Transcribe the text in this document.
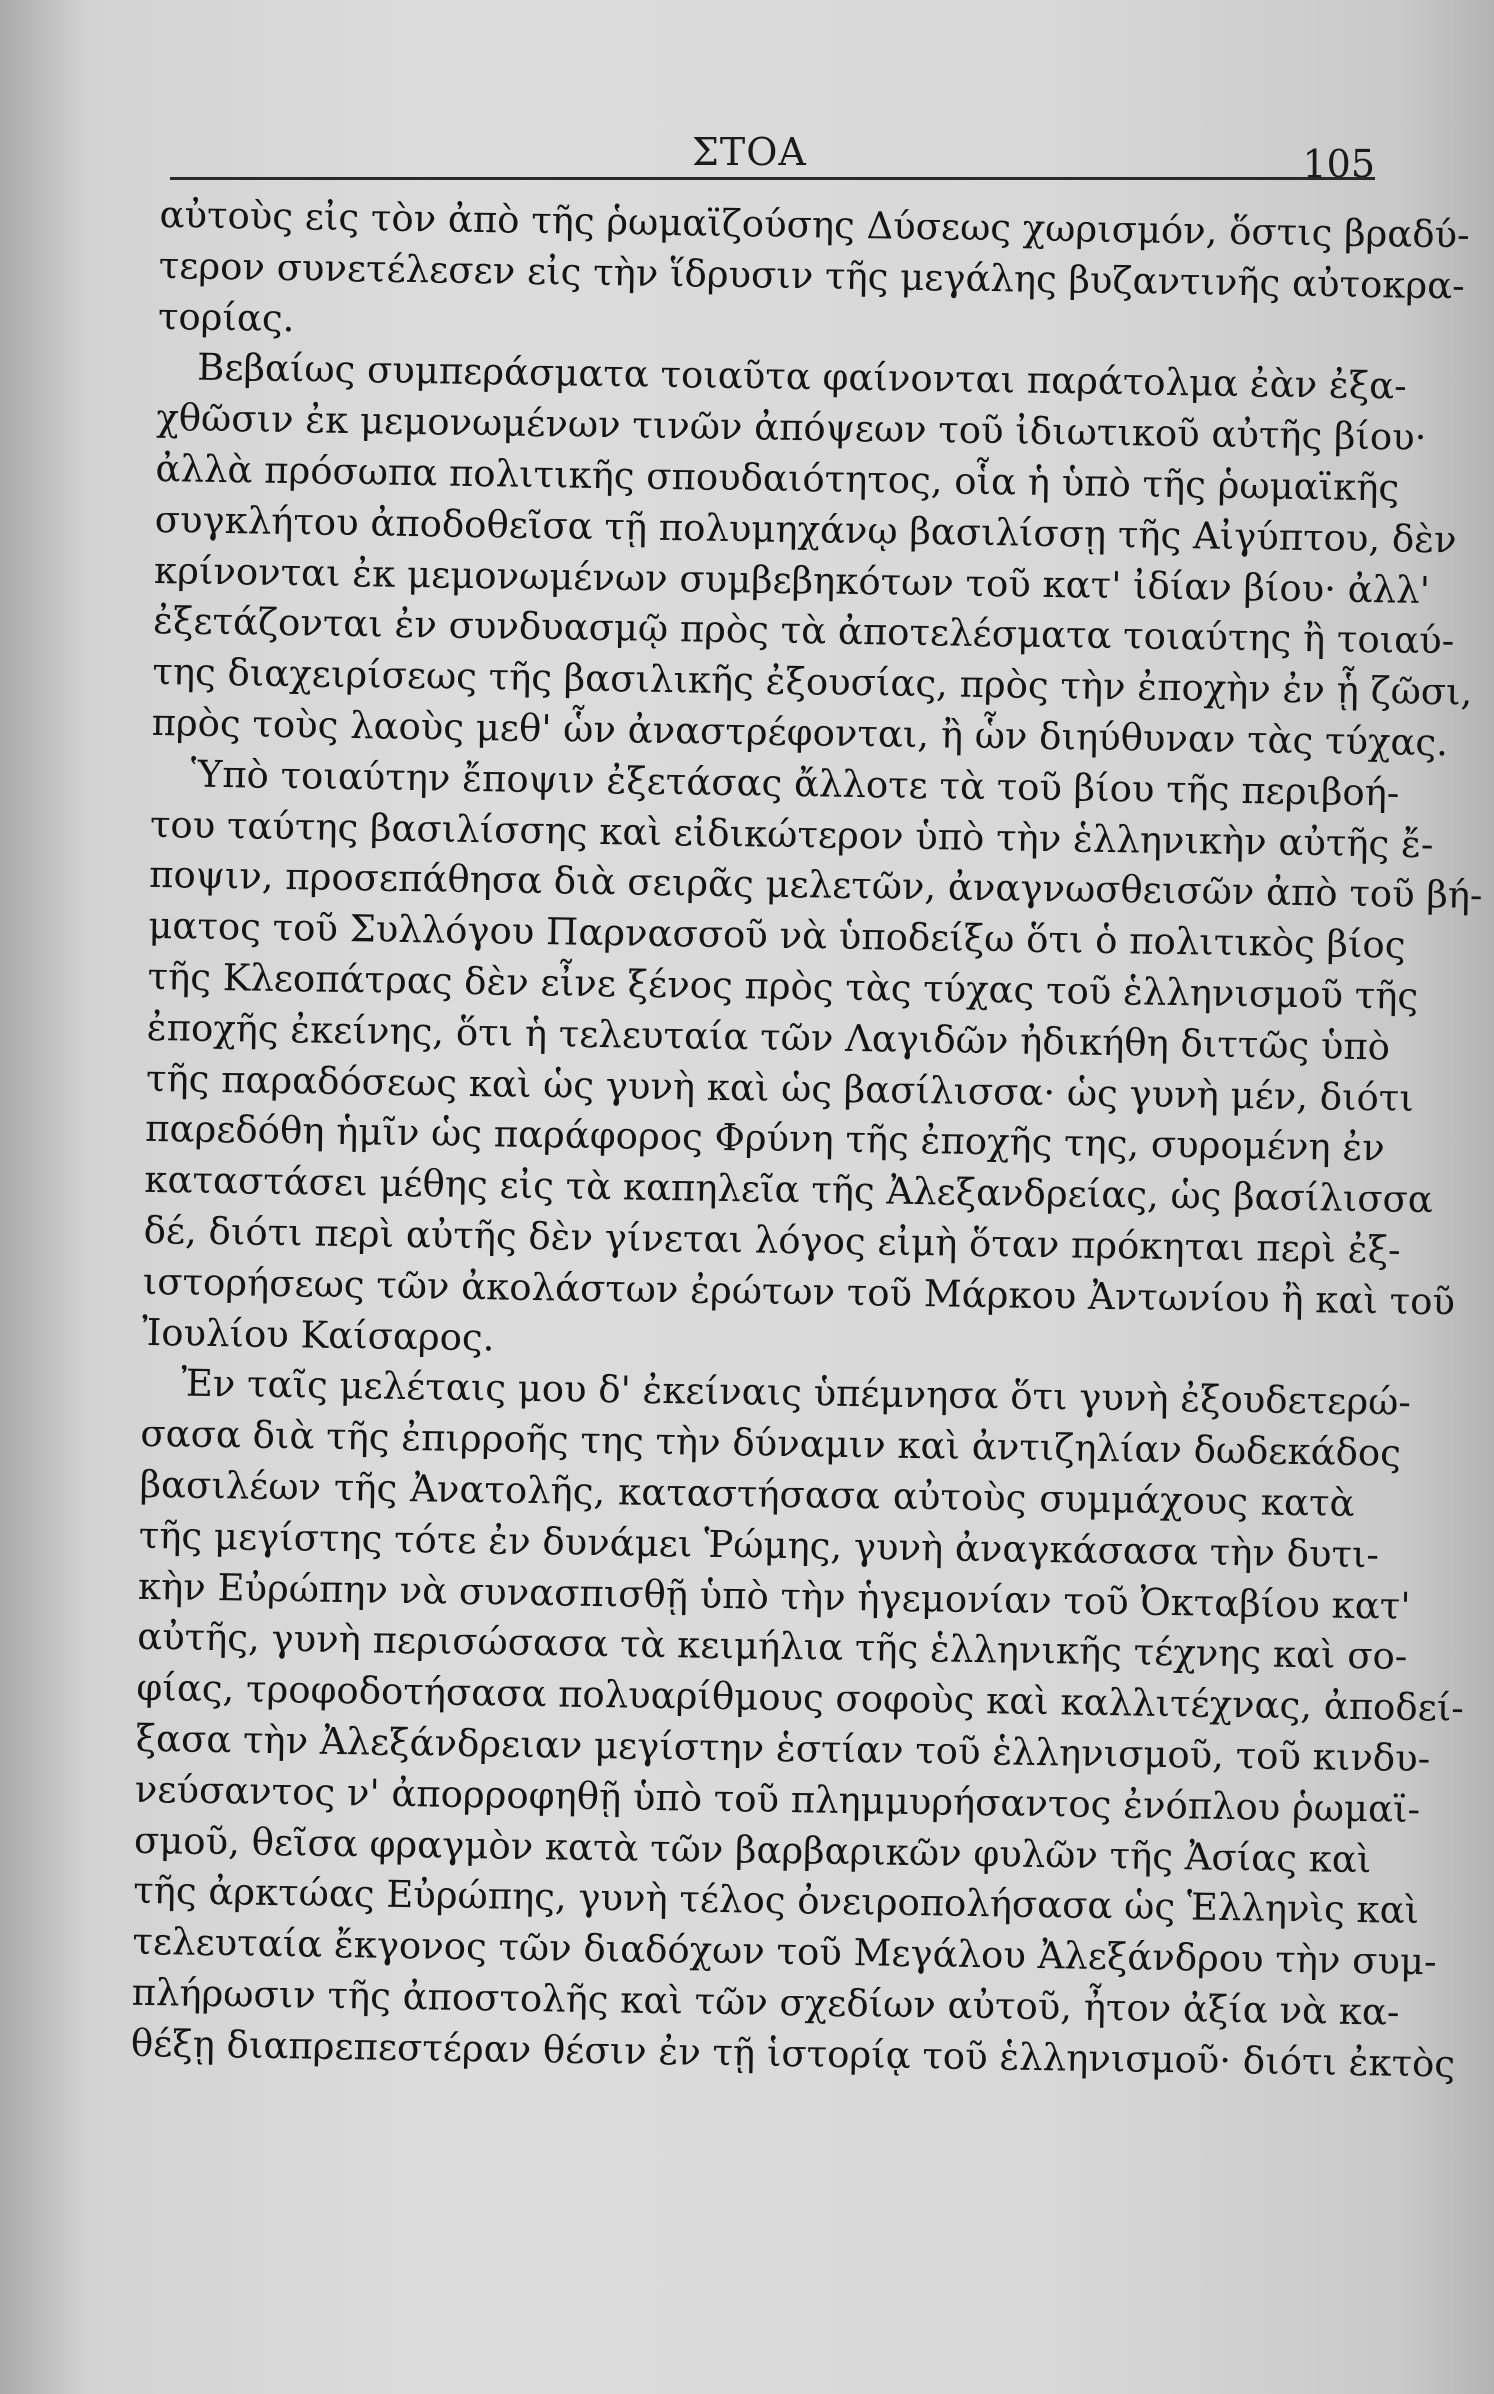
ΣΤΟΑ	105
αὐτοὺς εἰς τὸν ἀπὸ τῆς ῥωμαϊζούσης Δύσεως χωρισμόν, ὅστις βραδύ-
τερον συνετέλεσεν εἰς τὴν ἵδρυσιν τῆς μεγάλης βυζαντινῆς αὐτοκρα-
τορίας.
Βεβαίως συμπεράσματα τοιαῦτα φαίνονται παράτολμα ἐὰν ἐξα-
χθῶσιν ἐκ μεμονωμένων τινῶν ἀπόψεων τοῦ ἰδιωτικοῦ αὐτῆς βίου·
ἀλλὰ πρόσωπα πολιτικῆς σπουδαιότητος, οἷα ἡ ὑπὸ τῆς ῥωμαϊκῆς
συγκλήτου ἀποδοθεῖσα τῇ πολυμηχάνῳ βασιλίσσῃ τῆς Αἰγύπτου, δὲν
κρίνονται ἐκ μεμονωμένων συμβεβηκότων τοῦ κατ' ἰδίαν βίου· ἀλλ'
ἐξετάζονται ἐν συνδυασμῷ πρὸς τὰ ἀποτελέσματα τοιαύτης ἢ τοιαύ-
της διαχειρίσεως τῆς βασιλικῆς ἐξουσίας, πρὸς τὴν ἐποχὴν ἐν ᾗ ζῶσι,
πρὸς τοὺς λαοὺς μεθ' ὧν ἀναστρέφονται, ἢ ὧν διηύθυναν τὰς τύχας.
Ὑπὸ τοιαύτην ἔποψιν ἐξετάσας ἄλλοτε τὰ τοῦ βίου τῆς περιβοή-
του ταύτης βασιλίσσης καὶ εἰδικώτερον ὑπὸ τὴν ἑλληνικὴν αὐτῆς ἔ-
ποψιν, προσεπάθησα διὰ σειρᾶς μελετῶν, ἀναγνωσθεισῶν ἀπὸ τοῦ βή-
ματος τοῦ Συλλόγου Παρνασσοῦ νὰ ὑποδείξω ὅτι ὁ πολιτικὸς βίος
τῆς Κλεοπάτρας δὲν εἶνε ξένος πρὸς τὰς τύχας τοῦ ἑλληνισμοῦ τῆς
ἐποχῆς ἐκείνης, ὅτι ἡ τελευταία τῶν Λαγιδῶν ἠδικήθη διττῶς ὑπὸ
τῆς παραδόσεως καὶ ὡς γυνὴ καὶ ὡς βασίλισσα· ὡς γυνὴ μέν, διότι
παρεδόθη ἡμῖν ὡς παράφορος Φρύνη τῆς ἐποχῆς της, συρομένη ἐν
καταστάσει μέθης εἰς τὰ καπηλεῖα τῆς Ἀλεξανδρείας, ὡς βασίλισσα
δέ, διότι περὶ αὐτῆς δὲν γίνεται λόγος εἰμὴ ὅταν πρόκηται περὶ ἐξ-
ιστορήσεως τῶν ἀκολάστων ἐρώτων τοῦ Μάρκου Ἀντωνίου ἢ καὶ τοῦ
Ἰουλίου Καίσαρος.
Ἐν ταῖς μελέταις μου δ' ἐκείναις ὑπέμνησα ὅτι γυνὴ ἐξουδετερώ-
σασα διὰ τῆς ἐπιρροῆς της τὴν δύναμιν καὶ ἀντιζηλίαν δωδεκάδος
βασιλέων τῆς Ἀνατολῆς, καταστήσασα αὐτοὺς συμμάχους κατὰ
τῆς μεγίστης τότε ἐν δυνάμει Ῥώμης, γυνὴ ἀναγκάσασα τὴν δυτι-
κὴν Εὐρώπην νὰ συνασπισθῇ ὑπὸ τὴν ἡγεμονίαν τοῦ Ὀκταβίου κατ'
αὐτῆς, γυνὴ περισώσασα τὰ κειμήλια τῆς ἑλληνικῆς τέχνης καὶ σο-
φίας, τροφοδοτήσασα πολυαρίθμους σοφοὺς καὶ καλλιτέχνας, ἀποδεί-
ξασα τὴν Ἀλεξάνδρειαν μεγίστην ἑστίαν τοῦ ἑλληνισμοῦ, τοῦ κινδυ-
νεύσαντος ν' ἀπορροφηθῇ ὑπὸ τοῦ πλημμυρήσαντος ἐνόπλου ῥωμαϊ-
σμοῦ, θεῖσα φραγμὸν κατὰ τῶν βαρβαρικῶν φυλῶν τῆς Ἀσίας καὶ
τῆς ἀρκτώας Εὐρώπης, γυνὴ τέλος ὀνειροπολήσασα ὡς Ἑλληνὶς καὶ
τελευταία ἔκγονος τῶν διαδόχων τοῦ Μεγάλου Ἀλεξάνδρου τὴν συμ-
πλήρωσιν τῆς ἀποστολῆς καὶ τῶν σχεδίων αὐτοῦ, ἦτον ἀξία νὰ κα-
θέξῃ διαπρεπεστέραν θέσιν ἐν τῇ ἱστορίᾳ τοῦ ἑλληνισμοῦ· διότι ἐκτὸς
